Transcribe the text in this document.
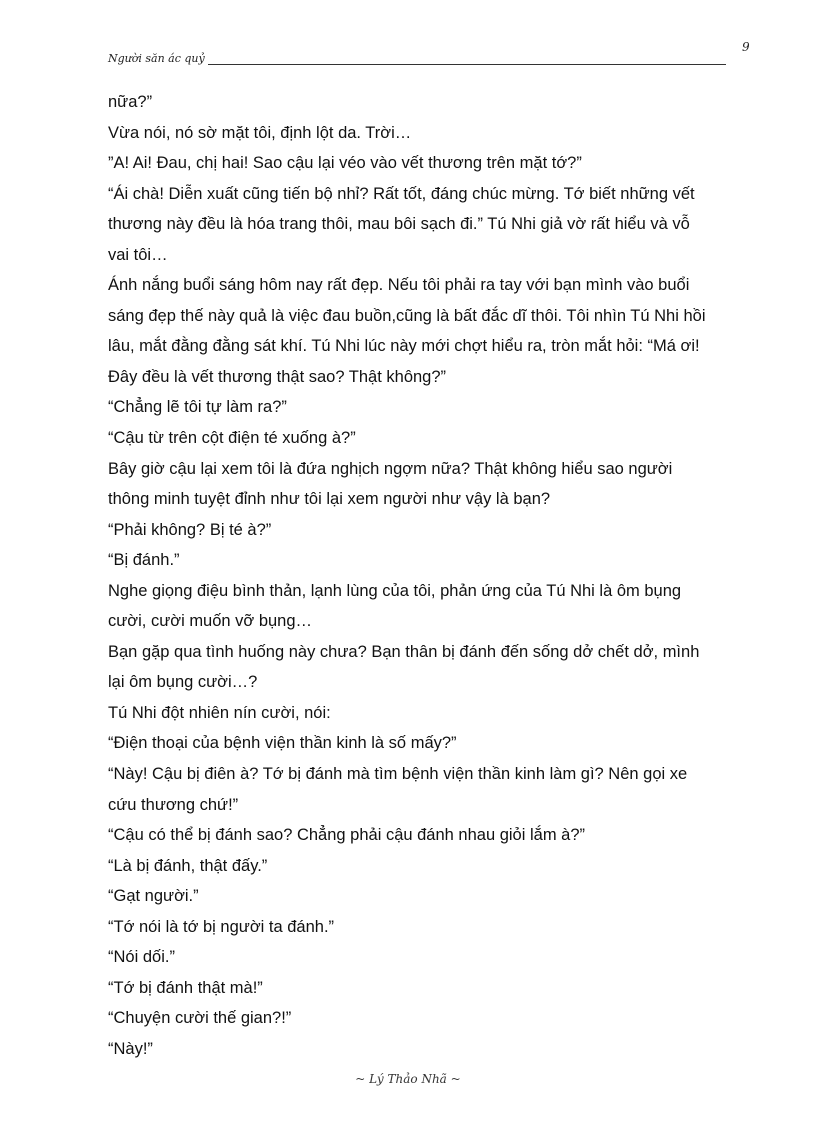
Người săn ác quỷ
9
nữa?”
Vừa nói, nó sờ mặt tôi, định lột da. Trời…
”A! Ai! Đau, chị hai! Sao cậu lại véo vào vết thương trên mặt tớ?”
“Ái chà! Diễn xuất cũng tiến bộ nhỉ? Rất tốt, đáng chúc mừng. Tớ biết những vết
thương này đều là hóa trang thôi, mau bôi sạch đi.” Tú Nhi giả vờ rất hiểu và vỗ
vai tôi…
Ánh nắng buổi sáng hôm nay rất đẹp. Nếu tôi phải ra tay với bạn mình vào buổi
sáng đẹp thế này quả là việc đau buồn,cũng là bất đắc dĩ thôi. Tôi nhìn Tú Nhi hồi
lâu, mắt đằng đằng sát khí. Tú Nhi lúc này mới chợt hiểu ra, tròn mắt hỏi: “Má ơi!
Đây đều là vết thương thật sao? Thật không?”
“Chẳng lẽ tôi tự làm ra?”
“Cậu từ trên cột điện té xuống à?”
Bây giờ cậu lại xem tôi là đứa nghịch ngợm nữa? Thật không hiểu sao người
thông minh tuyệt đỉnh như tôi lại xem người như vậy là bạn?
“Phải không? Bị té à?”
“Bị đánh.”
Nghe giọng điệu bình thản, lạnh lùng của tôi, phản ứng của Tú Nhi là ôm bụng
cười, cười muốn vỡ bụng…
Bạn gặp qua tình huống này chưa? Bạn thân bị đánh đến sống dở chết dở, mình
lại ôm bụng cười…?
Tú Nhi đột nhiên nín cười, nói:
“Điện thoại của bệnh viện thần kinh là số mấy?”
“Này! Cậu bị điên à? Tớ bị đánh mà tìm bệnh viện thần kinh làm gì? Nên gọi xe
cứu thương chứ!”
“Cậu có thể bị đánh sao? Chẳng phải cậu đánh nhau giỏi lắm à?”
“Là bị đánh, thật đấy.”
“Gạt người.”
“Tớ nói là tớ bị người ta đánh.”
“Nói dối.”
“Tớ bị đánh thật mà!”
“Chuyện cười thế gian?!”
“Này!”
~ Lý Thảo Nhã ~
